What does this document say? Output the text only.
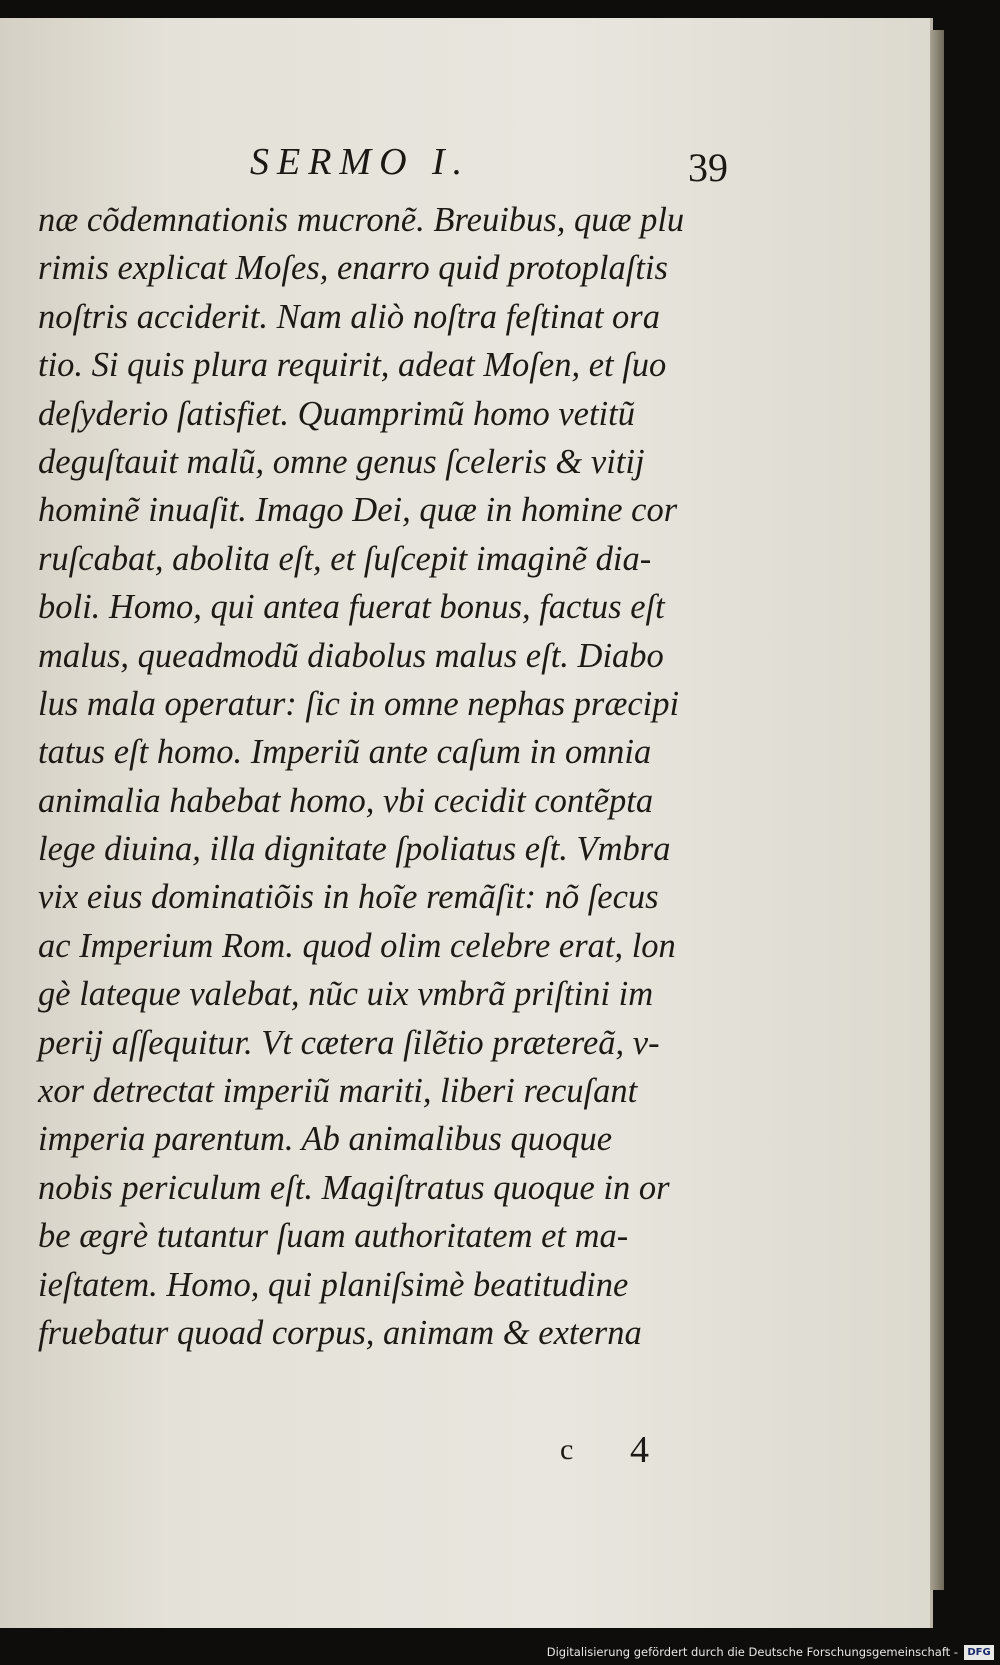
SERMO I.	39
næ cõdemnationis mucronẽ. Breuibus, quæ plu
rimis explicat Moſes, enarro quid protoplaſtis
noſtris acciderit. Nam aliò noſtra feſtinat ora
tio. Si quis plura requirit, adeat Moſen, et ſuo
deſyderio ſatisfiet. Quamprimũ homo vetitũ
deguſtauit malũ, omne genus ſceleris & vitij
hominẽ inuaſit. Imago Dei, quæ in homine cor
ruſcabat, abolita eſt, et ſuſcepit imaginẽ dia-
boli. Homo, qui antea fuerat bonus, factus eſt
malus, queadmodũ diabolus malus eſt. Diabo
lus mala operatur: ſic in omne nephas præcipi
tatus eſt homo. Imperiũ ante caſum in omnia
animalia habebat homo, vbi cecidit contẽpta
lege diuina, illa dignitate ſpoliatus eſt. Vmbra
vix eius dominatiõis in hoĩe remãſit: nõ ſecus
ac Imperium Rom. quod olim celebre erat, lon
gè lateque valebat, nũc uix vmbrã priſtini im
perij aſſequitur. Vt cætera ſilẽtio prætereã, v-
xor detrectat imperiũ mariti, liberi recuſant
imperia parentum. Ab animalibus quoque
nobis periculum eſt. Magiſtratus quoque in or
be ægrè tutantur ſuam authoritatem et ma-
ieſtatem. Homo, qui planiſsimè beatitudine
fruebatur quoad corpus, animam & externa
c 4
Digitalisierung gefördert durch die Deutsche Forschungsgemeinschaft - DFG
